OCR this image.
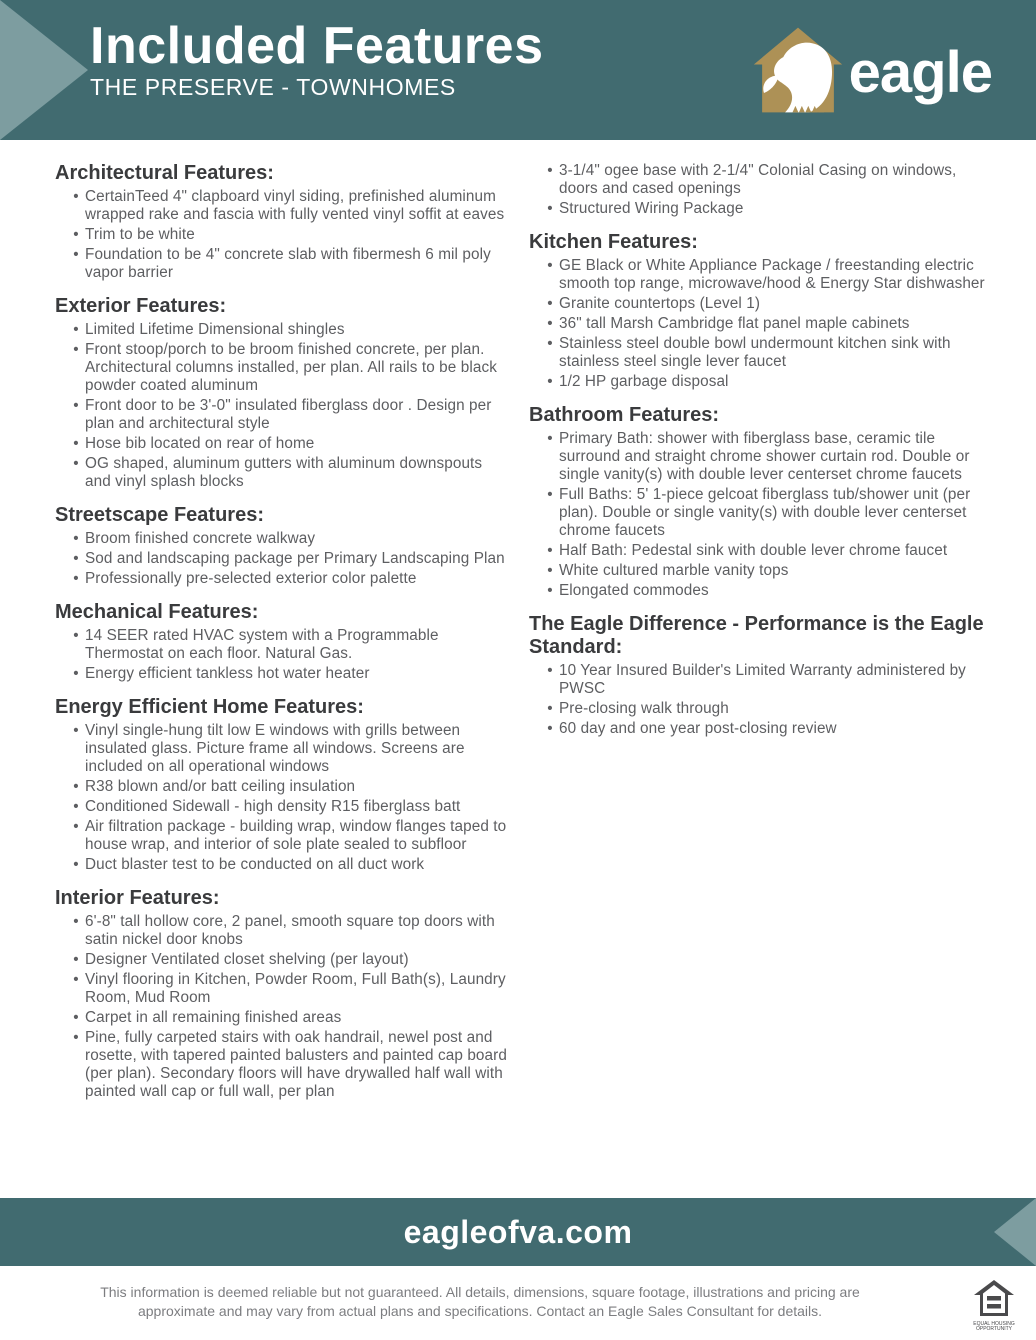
Included Features
THE PRESERVE - TOWNHOMES	eagle
Architectural Features:
• CertainTeed 4" clapboard vinyl siding, prefinished aluminum wrapped rake and fascia with fully vented vinyl soffit at eaves
• Trim to be white
• Foundation to be 4" concrete slab with fibermesh 6 mil poly vapor barrier
Exterior Features:
• Limited Lifetime Dimensional shingles
• Front stoop/porch to be broom finished concrete, per plan. Architectural columns installed, per plan. All rails to be black powder coated aluminum
• Front door to be 3'-0" insulated fiberglass door . Design per plan and architectural style
• Hose bib located on rear of home
• OG shaped, aluminum gutters with aluminum downspouts and vinyl splash blocks
Streetscape Features:
• Broom finished concrete walkway
• Sod and landscaping package per Primary Landscaping Plan
• Professionally pre-selected exterior color palette
Mechanical Features:
• 14 SEER rated HVAC system with a Programmable Thermostat on each floor. Natural Gas.
• Energy efficient tankless hot water heater
Energy Efficient Home Features:
• Vinyl single-hung tilt low E windows with grills between insulated glass. Picture frame all windows. Screens are included on all operational windows
• R38 blown and/or batt ceiling insulation
• Conditioned Sidewall - high density R15 fiberglass batt
• Air filtration package - building wrap, window flanges taped to house wrap, and interior of sole plate sealed to subfloor
• Duct blaster test to be conducted on all duct work
Interior Features:
• 6'-8" tall hollow core, 2 panel, smooth square top doors with satin nickel door knobs
• Designer Ventilated closet shelving (per layout)
• Vinyl flooring in Kitchen, Powder Room, Full Bath(s), Laundry Room, Mud Room
• Carpet in all remaining finished areas
• Pine, fully carpeted stairs with oak handrail, newel post and rosette, with tapered painted balusters and painted cap board (per plan). Secondary floors will have drywalled half wall with painted wall cap or full wall, per plan
• 3-1/4" ogee base with 2-1/4" Colonial Casing on windows, doors and cased openings
• Structured Wiring Package
Kitchen Features:
• GE Black or White Appliance Package / freestanding electric smooth top range, microwave/hood & Energy Star dishwasher
• Granite countertops (Level 1)
• 36" tall Marsh Cambridge flat panel maple cabinets
• Stainless steel double bowl undermount kitchen sink with stainless steel single lever faucet
• 1/2 HP garbage disposal
Bathroom Features:
• Primary Bath: shower with fiberglass base, ceramic tile surround and straight chrome shower curtain rod. Double or single vanity(s) with double lever centerset chrome faucets
• Full Baths: 5' 1-piece gelcoat fiberglass tub/shower unit (per plan). Double or single vanity(s) with double lever centerset chrome faucets
• Half Bath: Pedestal sink with double lever chrome faucet
• White cultured marble vanity tops
• Elongated commodes
The Eagle Difference - Performance is the Eagle Standard:
• 10 Year Insured Builder's Limited Warranty administered by PWSC
• Pre-closing walk through
• 60 day and one year post-closing review
eagleofva.com
This information is deemed reliable but not guaranteed. All details, dimensions, square footage, illustrations and pricing are
approximate and may vary from actual plans and specifications. Contact an Eagle Sales Consultant for details.
EQUAL HOUSING OPPORTUNITY
